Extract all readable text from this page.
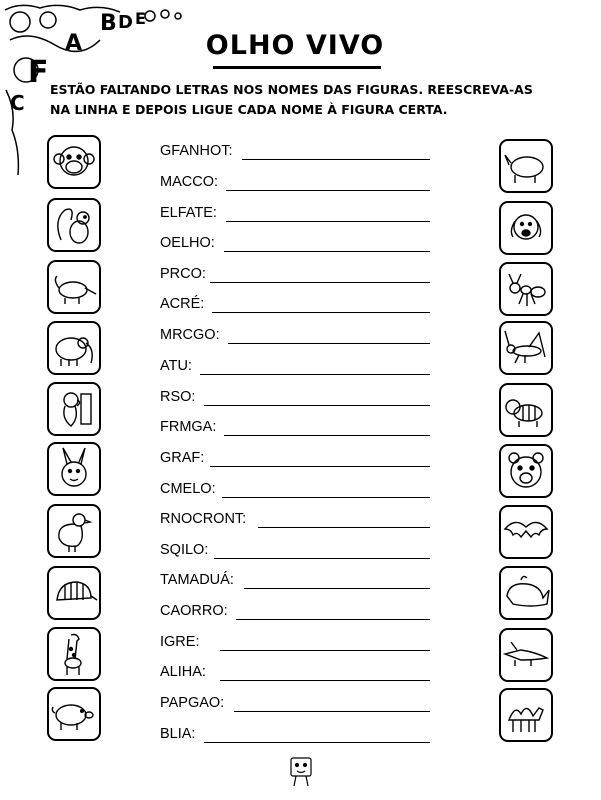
A
B
C
D E
F
OLHO VIVO
ESTÃO FALTANDO LETRAS NOS NOMES DAS FIGURAS. REESCREVA-AS
NA LINHA E DEPOIS LIGUE CADA NOME À FIGURA CERTA.
GFANHOT:
MACCO:
ELFATE:
OELHO:
PRCO:
ACRÉ:
MRCGO:
ATU:
RSO:
FRMGA:
GRAF:
CMELO:
RNOCRONT:
SQILO:
TAMADUÁ:
CAORRO:
IGRE:
ALIHA:
PAPGAO:
BLIA:
